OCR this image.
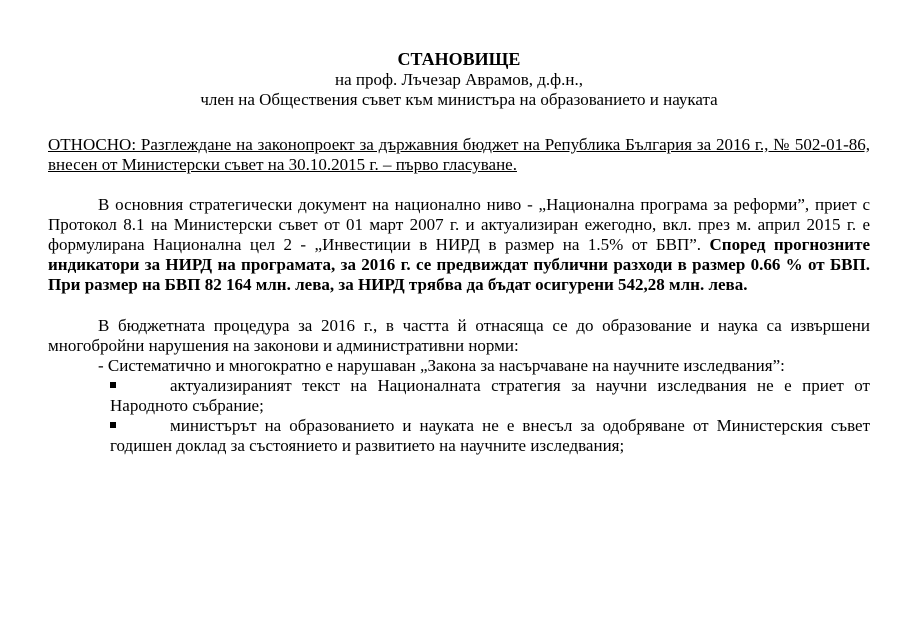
СТАНОВИЩЕ
на проф. Лъчезар Аврамов, д.ф.н.,
член на Обществения съвет към министъра на образованието и науката
ОТНОСНО: Разглеждане на законопроект за държавния бюджет на Република България за 2016 г., № 502-01-86, внесен от Министерски съвет на 30.10.2015 г. – първо гласуване.
В основния стратегически документ на национално ниво - „Национална програма за реформи”, приет с Протокол 8.1 на Министерски съвет от 01 март 2007 г. и актуализиран ежегодно, вкл. през м. април 2015 г. е формулирана Национална цел 2 - „Инвестиции в НИРД в размер на 1.5% от БВП”. Според прогнозните индикатори за НИРД на програмата, за 2016 г. се предвиждат публични разходи в размер 0.66 % от БВП. При размер на БВП 82 164 млн. лева, за НИРД трябва да бъдат осигурени 542,28 млн. лева.
В бюджетната процедура за 2016 г., в частта й отнасяща се до образование и наука са извършени многобройни нарушения на законови и административни норми:
- Систематично и многократно е нарушаван „Закона за насърчаване на научните изследвания”:
актуализираният текст на Националната стратегия за научни изследвания не е приет от Народното събрание;
министърът на образованието и науката не е внесъл за одобряване от Министерския съвет годишен доклад за състоянието и развитието на научните изследвания;
